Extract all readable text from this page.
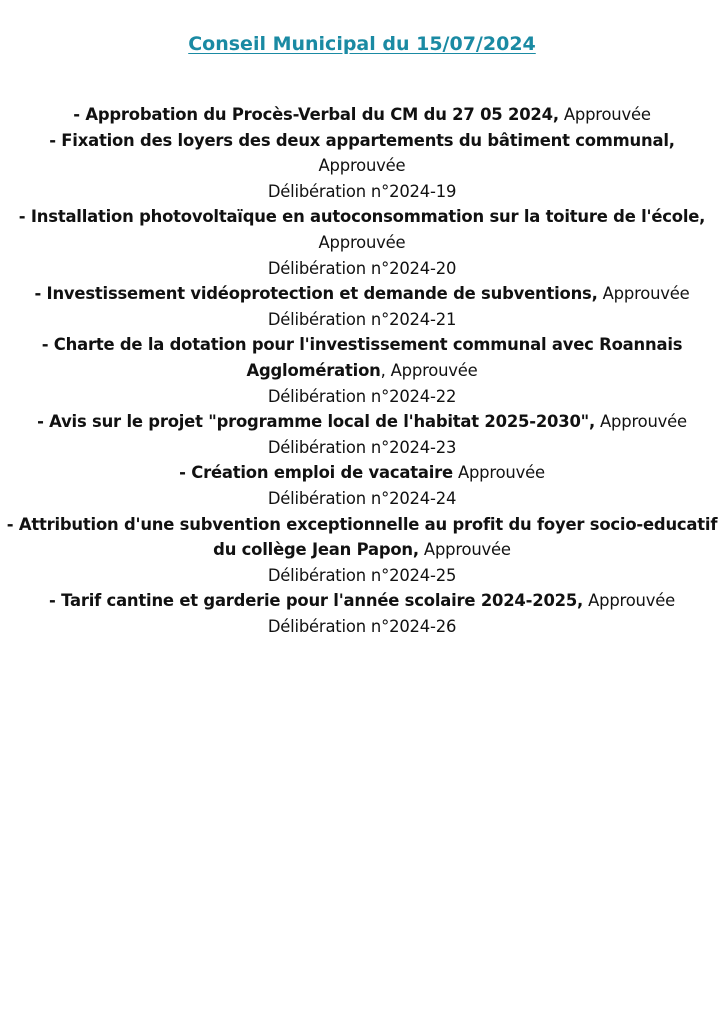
Conseil Municipal du 15/07/2024
- Approbation du Procès-Verbal du CM du 27 05 2024, Approuvée
- Fixation des loyers des deux appartements du bâtiment communal,
Approuvée
Délibération n°2024-19
- Installation photovoltaïque en autoconsommation sur la toiture de l'école,
Approuvée
Délibération n°2024-20
- Investissement vidéoprotection et demande de subventions, Approuvée
Délibération n°2024-21
- Charte de la dotation pour l'investissement communal avec Roannais
Agglomération, Approuvée
Délibération n°2024-22
- Avis sur le projet "programme local de l'habitat 2025-2030", Approuvée
Délibération n°2024-23
- Création emploi de vacataire Approuvée
Délibération n°2024-24
- Attribution d'une subvention exceptionnelle au profit du foyer socio-educatif
du collège Jean Papon, Approuvée
Délibération n°2024-25
- Tarif cantine et garderie pour l'année scolaire 2024-2025, Approuvée
Délibération n°2024-26
